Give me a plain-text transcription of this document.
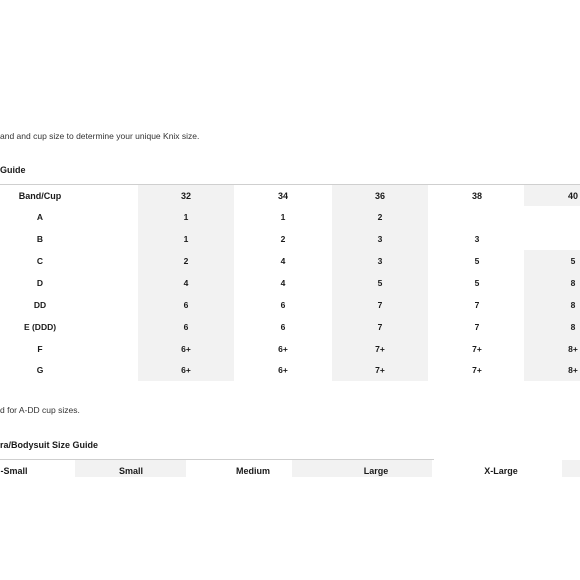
and and cup size to determine your unique Knix size.
Guide
Band/Cup	32	34	36	38	40
A	1	1	2
B	1	2	3	3
C	2	4	3	5	5
D	4	4	5	5	8
DD	6	6	7	7	8
E (DDD)	6	6	7	7	8
F	6+	6+	7+	7+	8+
G	6+	6+	7+	7+	8+
d for A-DD cup sizes.
ra/Bodysuit Size Guide
-Small	Small	Medium	Large	X-Large
